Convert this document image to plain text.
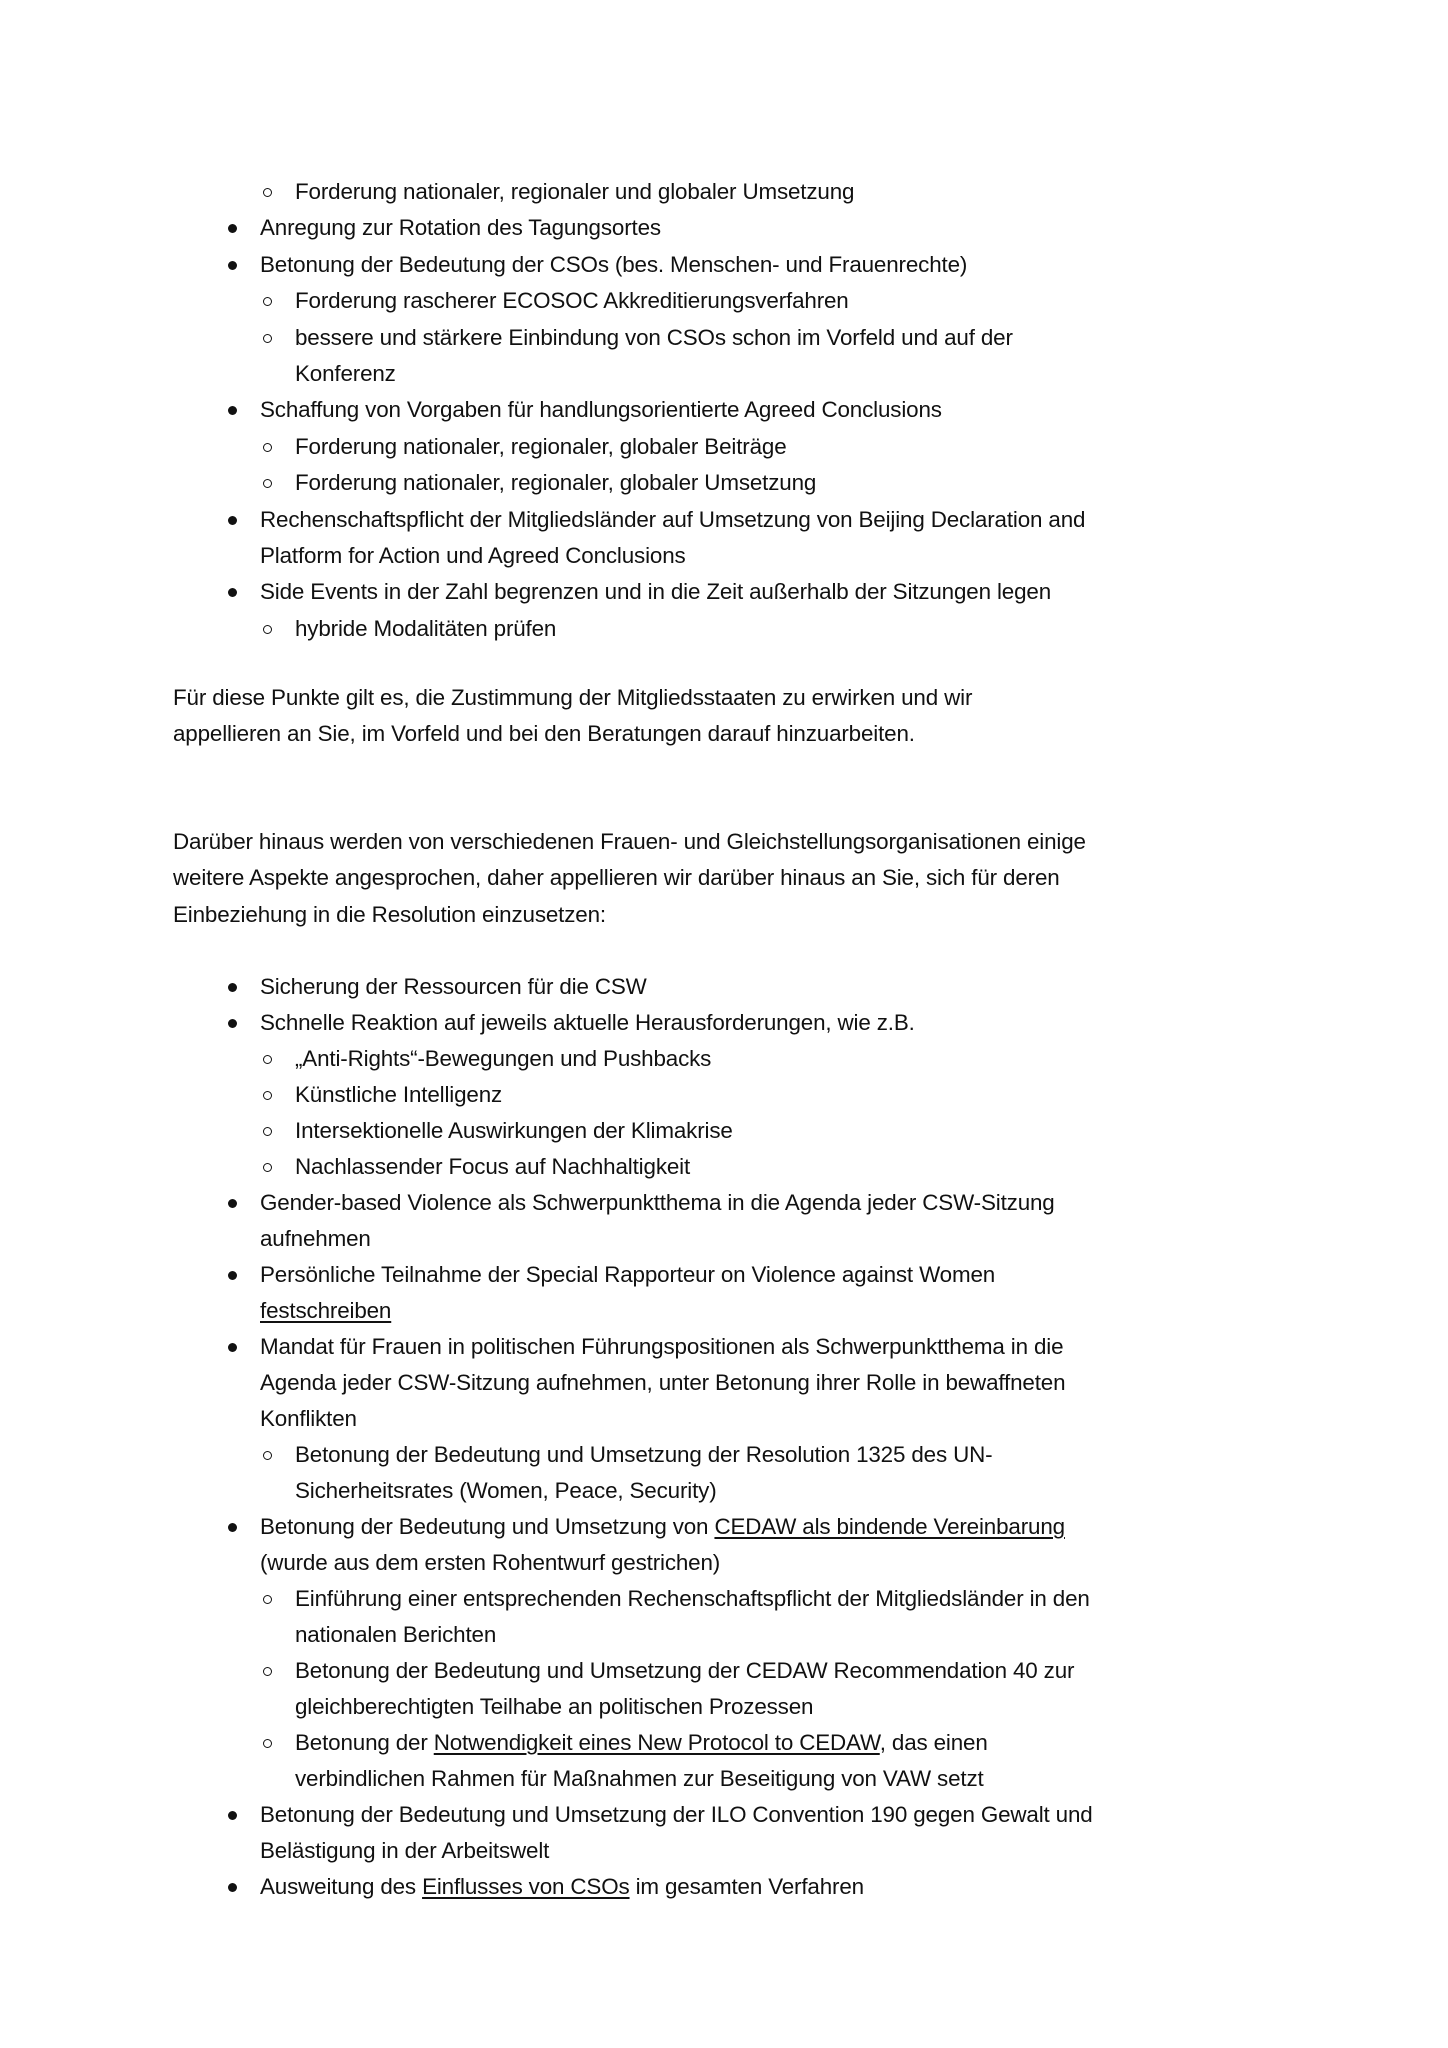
Forderung nationaler, regionaler und globaler Umsetzung
Anregung zur Rotation des Tagungsortes
Betonung der Bedeutung der CSOs (bes. Menschen- und Frauenrechte)
Forderung rascherer ECOSOC Akkreditierungsverfahren
bessere und stärkere Einbindung von CSOs schon im Vorfeld und auf der
Konferenz
Schaffung von Vorgaben für handlungsorientierte Agreed Conclusions
Forderung nationaler, regionaler, globaler Beiträge
Forderung nationaler, regionaler, globaler Umsetzung
Rechenschaftspflicht der Mitgliedsländer auf Umsetzung von Beijing Declaration and
Platform for Action und Agreed Conclusions
Side Events in der Zahl begrenzen und in die Zeit außerhalb der Sitzungen legen
hybride Modalitäten prüfen
Für diese Punkte gilt es, die Zustimmung der Mitgliedsstaaten zu erwirken und wir
appellieren an Sie, im Vorfeld und bei den Beratungen darauf hinzuarbeiten.
Darüber hinaus werden von verschiedenen Frauen- und Gleichstellungsorganisationen einige
weitere Aspekte angesprochen, daher appellieren wir darüber hinaus an Sie, sich für deren
Einbeziehung in die Resolution einzusetzen:
Sicherung der Ressourcen für die CSW
Schnelle Reaktion auf jeweils aktuelle Herausforderungen, wie z.B.
„Anti-Rights“-Bewegungen und Pushbacks
Künstliche Intelligenz
Intersektionelle Auswirkungen der Klimakrise
Nachlassender Focus auf Nachhaltigkeit
Gender-based Violence als Schwerpunktthema in die Agenda jeder CSW-Sitzung
aufnehmen
Persönliche Teilnahme der Special Rapporteur on Violence against Women
festschreiben
Mandat für Frauen in politischen Führungspositionen als Schwerpunktthema in die
Agenda jeder CSW-Sitzung aufnehmen, unter Betonung ihrer Rolle in bewaffneten
Konflikten
Betonung der Bedeutung und Umsetzung der Resolution 1325 des UN-
Sicherheitsrates (Women, Peace, Security)
Betonung der Bedeutung und Umsetzung von CEDAW als bindende Vereinbarung
(wurde aus dem ersten Rohentwurf gestrichen)
Einführung einer entsprechenden Rechenschaftspflicht der Mitgliedsländer in den
nationalen Berichten
Betonung der Bedeutung und Umsetzung der CEDAW Recommendation 40 zur
gleichberechtigten Teilhabe an politischen Prozessen
Betonung der Notwendigkeit eines New Protocol to CEDAW, das einen
verbindlichen Rahmen für Maßnahmen zur Beseitigung von VAW setzt
Betonung der Bedeutung und Umsetzung der ILO Convention 190 gegen Gewalt und
Belästigung in der Arbeitswelt
Ausweitung des Einflusses von CSOs im gesamten Verfahren
